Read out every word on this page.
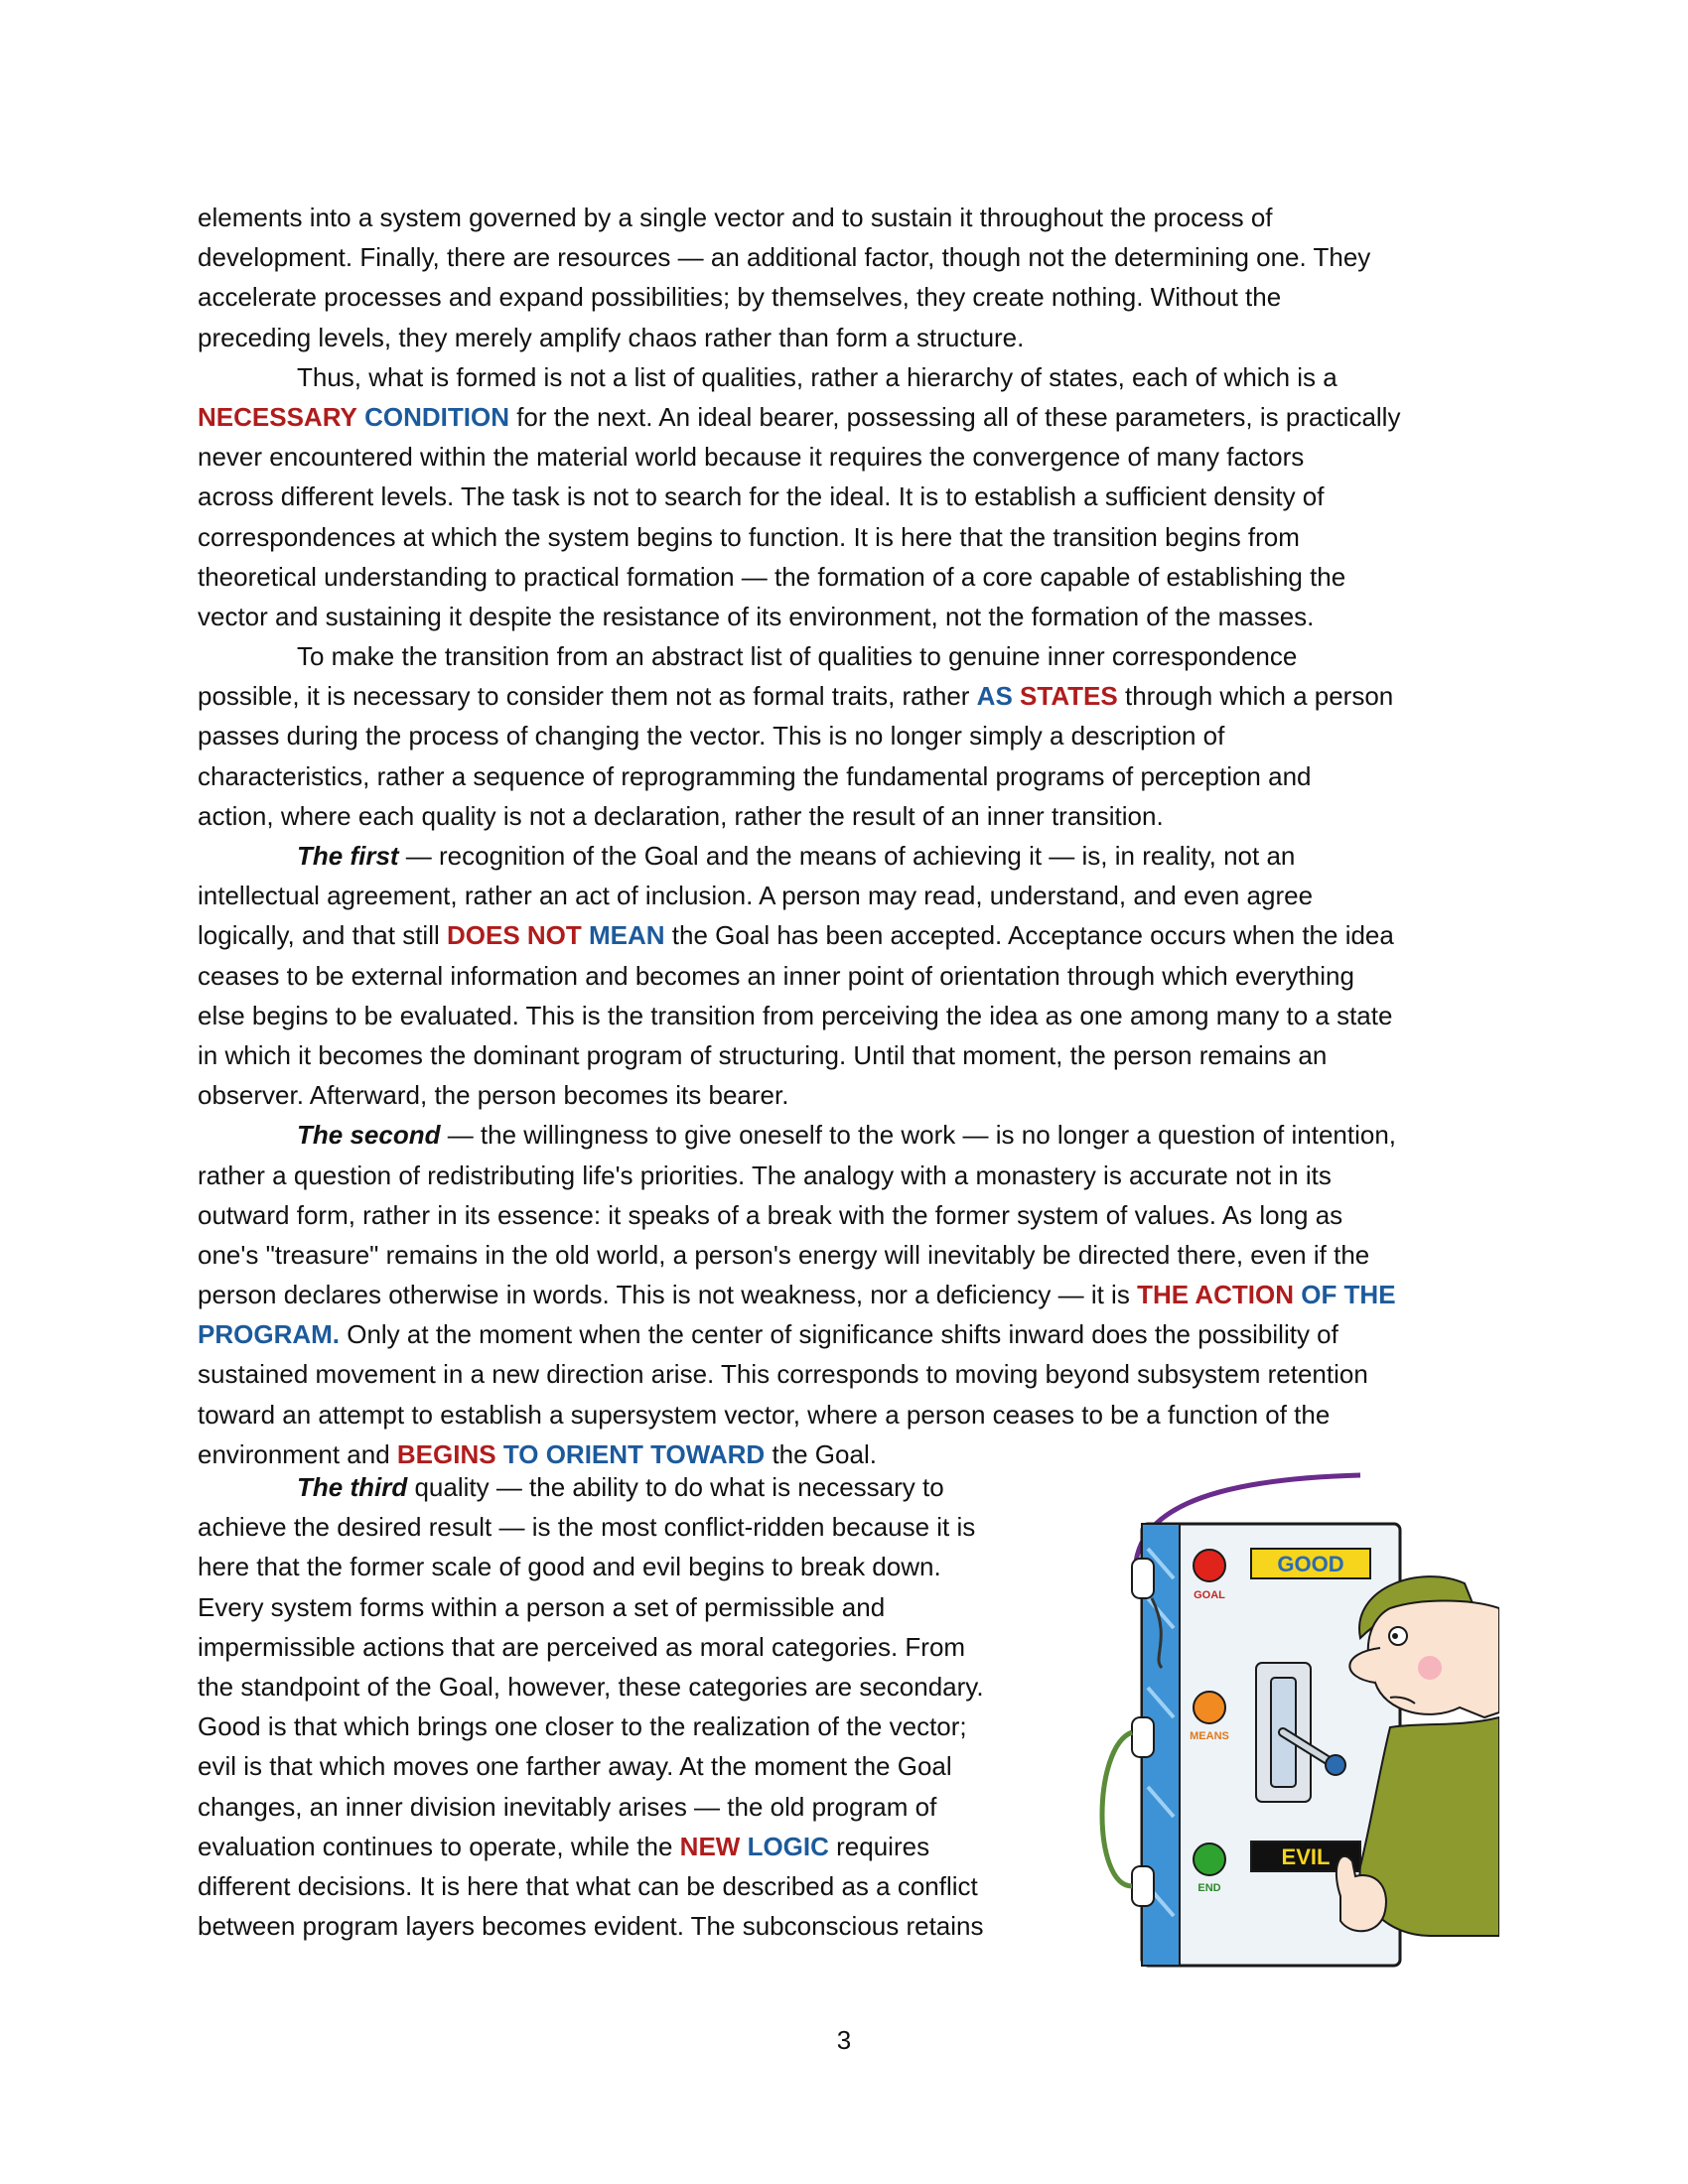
elements into a system governed by a single vector and to sustain it throughout the process of
development. Finally, there are resources — an additional factor, though not the determining one. They
accelerate processes and expand possibilities; by themselves, they create nothing. Without the
preceding levels, they merely amplify chaos rather than form a structure.
Thus, what is formed is not a list of qualities, rather a hierarchy of states, each of which is a
NECESSARY CONDITION for the next. An ideal bearer, possessing all of these parameters, is practically
never encountered within the material world because it requires the convergence of many factors
across different levels. The task is not to search for the ideal. It is to establish a sufficient density of
correspondences at which the system begins to function. It is here that the transition begins from
theoretical understanding to practical formation — the formation of a core capable of establishing the
vector and sustaining it despite the resistance of its environment, not the formation of the masses.
To make the transition from an abstract list of qualities to genuine inner correspondence
possible, it is necessary to consider them not as formal traits, rather AS STATES through which a person
passes during the process of changing the vector. This is no longer simply a description of
characteristics, rather a sequence of reprogramming the fundamental programs of perception and
action, where each quality is not a declaration, rather the result of an inner transition.
The first — recognition of the Goal and the means of achieving it — is, in reality, not an
intellectual agreement, rather an act of inclusion. A person may read, understand, and even agree
logically, and that still DOES NOT MEAN the Goal has been accepted. Acceptance occurs when the idea
ceases to be external information and becomes an inner point of orientation through which everything
else begins to be evaluated. This is the transition from perceiving the idea as one among many to a state
in which it becomes the dominant program of structuring. Until that moment, the person remains an
observer. Afterward, the person becomes its bearer.
The second — the willingness to give oneself to the work — is no longer a question of intention,
rather a question of redistributing life's priorities. The analogy with a monastery is accurate not in its
outward form, rather in its essence: it speaks of a break with the former system of values. As long as
one's "treasure" remains in the old world, a person's energy will inevitably be directed there, even if the
person declares otherwise in words. This is not weakness, nor a deficiency — it is THE ACTION OF THE
PROGRAM. Only at the moment when the center of significance shifts inward does the possibility of
sustained movement in a new direction arise. This corresponds to moving beyond subsystem retention
toward an attempt to establish a supersystem vector, where a person ceases to be a function of the
environment and BEGINS TO ORIENT TOWARD the Goal.
The third quality — the ability to do what is necessary to
achieve the desired result — is the most conflict-ridden because it is
here that the former scale of good and evil begins to break down.
Every system forms within a person a set of permissible and
impermissible actions that are perceived as moral categories. From
the standpoint of the Goal, however, these categories are secondary.
Good is that which brings one closer to the realization of the vector;
evil is that which moves one farther away. At the moment the Goal
changes, an inner division inevitably arises — the old program of
evaluation continues to operate, while the NEW LOGIC requires
different decisions. It is here that what can be described as a conflict
between program layers becomes evident. The subconscious retains
GOOD
GOAL
MEANS
END
EVIL
3
